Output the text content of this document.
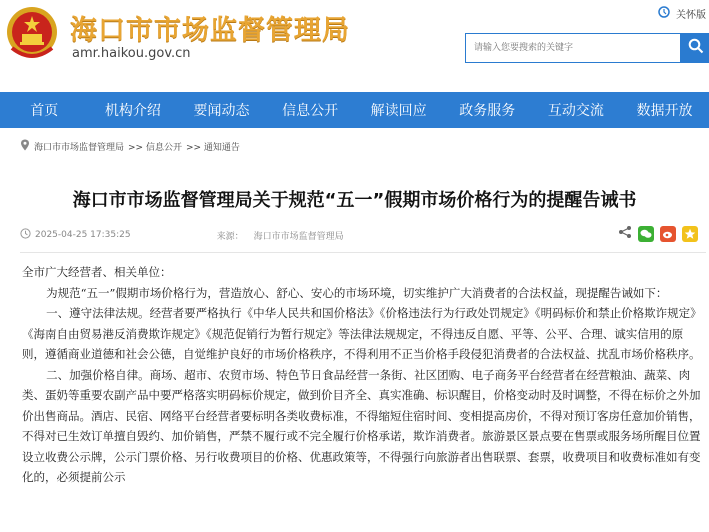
海口市市场监督管理局
amr.haikou.gov.cn
关怀版
请输入您要搜索的关键字
首页	机构介绍	要闻动态	信息公开	解读回应	政务服务	互动交流	数据开放
海口市市场监督管理局 >> 信息公开 >> 通知通告
海口市市场监督管理局关于规范“五一”假期市场价格行为的提醒告诫书
2025-04-25 17:35:25	来源： 海口市市场监督管理局

全市广大经营者、相关单位：

为规范“五一”假期市场价格行为，营造放心、舒心、安心的市场环境，切实维护广大消费者的合法权益，现提醒告诫如下：

一、遵守法律法规。经营者要严格执行《中华人民共和国价格法》《价格违法行为行政处罚规定》《明码标价和禁止价格欺诈规定》《海南自由贸易港反消费欺诈规定》《规范促销行为暂行规定》等法律法规规定，不得违反自愿、平等、公平、合理、诚实信用的原则，遵循商业道德和社会公德，自觉维护良好的市场价格秩序，不得利用不正当价格手段侵犯消费者的合法权益、扰乱市场价格秩序。

二、加强价格自律。商场、超市、农贸市场、特色节日食品经营一条街、社区团购、电子商务平台经营者在经营粮油、蔬菜、肉类、蛋奶等重要农副产品中要严格落实明码标价规定，做到价目齐全、真实准确、标识醒目，价格变动时及时调整，不得在标价之外加价出售商品。酒店、民宿、网络平台经营者要标明各类收费标准，不得缩短住宿时间、变相提高房价，不得对预订客房任意加价销售，不得对已生效订单擅自毁约、加价销售，严禁不履行或不完全履行价格承诺，欺诈消费者。旅游景区景点要在售票或服务场所醒目位置设立收费公示牌，公示门票价格、另行收费项目的价格、优惠政策等，不得强行向旅游者出售联票、套票，收费项目和收费标准如有变化的，必须提前公示
